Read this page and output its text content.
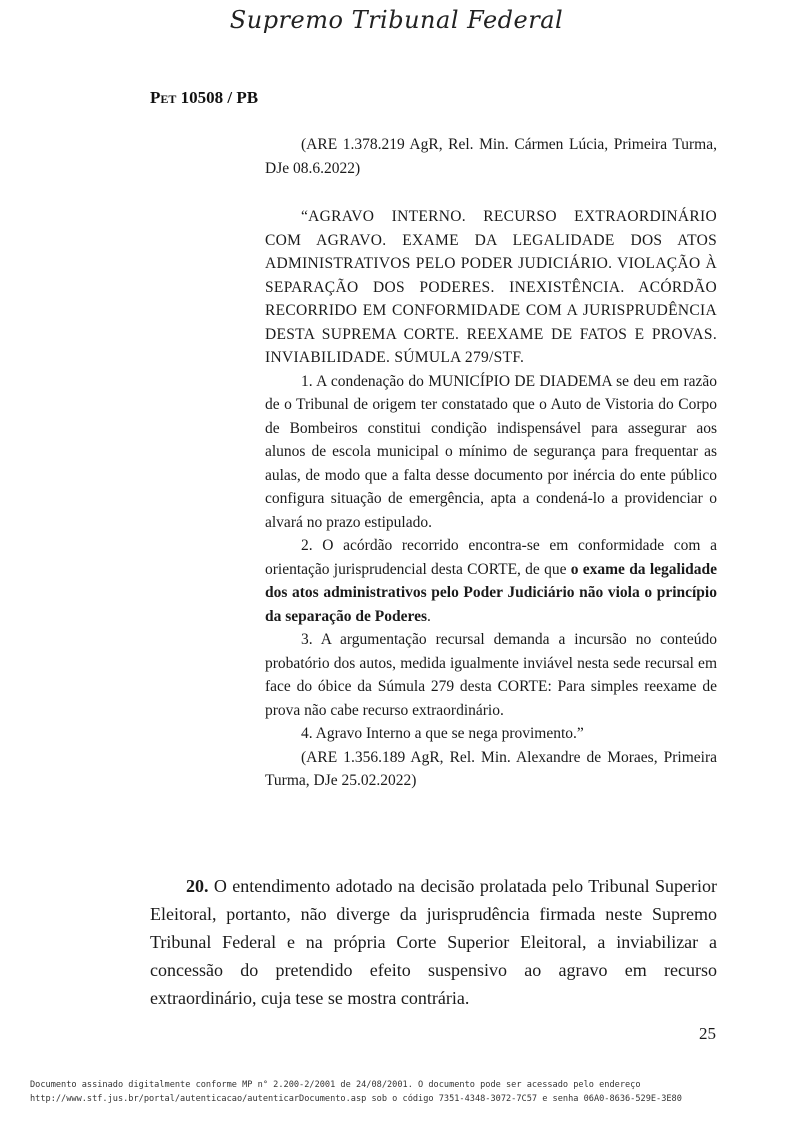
Supremo Tribunal Federal
Pet 10508 / PB

(ARE 1.378.219 AgR, Rel. Min. Cármen Lúcia, Primeira Turma, DJe 08.6.2022)

“AGRAVO INTERNO. RECURSO EXTRAORDINÁRIO COM AGRAVO. EXAME DA LEGALIDADE DOS ATOS ADMINISTRATIVOS PELO PODER JUDICIÁRIO. VIOLAÇÃO À SEPARAÇÃO DOS PODERES. INEXISTÊNCIA. ACÓRDÃO RECORRIDO EM CONFORMIDADE COM A JURISPRUDÊNCIA DESTA SUPREMA CORTE. REEXAME DE FATOS E PROVAS. INVIABILIDADE. SÚMULA 279/STF.

1. A condenação do MUNICÍPIO DE DIADEMA se deu em razão de o Tribunal de origem ter constatado que o Auto de Vistoria do Corpo de Bombeiros constitui condição indispensável para assegurar aos alunos de escola municipal o mínimo de segurança para frequentar as aulas, de modo que a falta desse documento por inércia do ente público configura situação de emergência, apta a condená-lo a providenciar o alvará no prazo estipulado.

2. O acórdão recorrido encontra-se em conformidade com a orientação jurisprudencial desta CORTE, de que o exame da legalidade dos atos administrativos pelo Poder Judiciário não viola o princípio da separação de Poderes.

3. A argumentação recursal demanda a incursão no conteúdo probatório dos autos, medida igualmente inviável nesta sede recursal em face do óbice da Súmula 279 desta CORTE: Para simples reexame de prova não cabe recurso extraordinário.

4. Agravo Interno a que se nega provimento.”

(ARE 1.356.189 AgR, Rel. Min. Alexandre de Moraes, Primeira Turma, DJe 25.02.2022)

20. O entendimento adotado na decisão prolatada pelo Tribunal Superior Eleitoral, portanto, não diverge da jurisprudência firmada neste Supremo Tribunal Federal e na própria Corte Superior Eleitoral, a inviabilizar a concessão do pretendido efeito suspensivo ao agravo em recurso extraordinário, cuja tese se mostra contrária.

25
Documento assinado digitalmente conforme MP n° 2.200-2/2001 de 24/08/2001. O documento pode ser acessado pelo endereço
http://www.stf.jus.br/portal/autenticacao/autenticarDocumento.asp sob o código 7351-4348-3072-7C57 e senha 06A0-8636-529E-3E80
